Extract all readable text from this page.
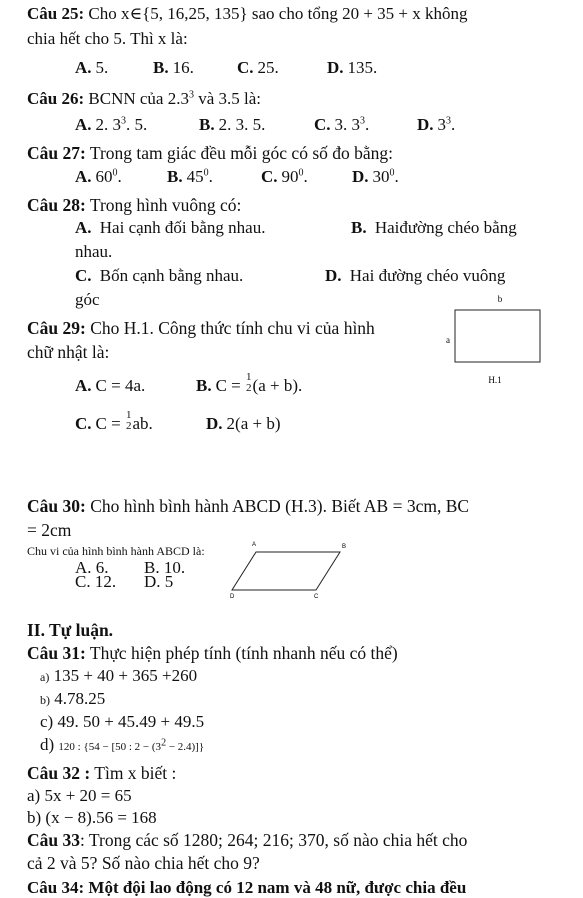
Câu 25: Cho x∈{5, 16,25, 135} sao cho tổng 20 + 35 + x không
chia hết cho 5. Thì x là:
A. 5.	B. 16.	C. 25.	D. 135.
Câu 26: BCNN của $2.3^3$ và 3.5 là:
A. 2. $3^3$. 5.	B. 2. 3. 5.	C. 3. $3^3$.	D. $3^3$.
Câu 27: Trong tam giác đều mỗi góc có số đo bằng:
A. $60^0$.	B. $45^0$.	C. $90^0$.	D. $30^0$.
Câu 28: Trong hình vuông có:
A. Hai cạnh đối bằng nhau.	B. Haiđường chéo bằng
nhau.
C. Bốn cạnh bằng nhau.	D. Hai đường chéo vuông
góc
Câu 29: Cho H.1. Công thức tính chu vi của hình
chữ nhật là:
A. C = 4a.	B. C = 1
2 (a + b).
C. C = 1
2 ab.	D. 2(a + b)
b
a
H.1
Câu 30: Cho hình bình hành ABCD (H.3). Biết AB = 3cm, BC
= 2cm
Chu vi của hình bình hành ABCD là:
A. 6. B. 10.
C. 12. D. 5
A	B
C
D
II. Tự luận.
Câu 31: Thực hiện phép tính (tính nhanh nếu có thể)
a) 135 + 40 + 365 +260
b) 4.78.25
c) 49. 50 + 45.49 + 49.5
d) 120 : {54 − [50 : $2 - (3^2 - 2.4)$]}
Câu 32 : Tìm x biết :
a) 5x + 20 = 65
b) (x − 8).56 = 168
Câu 33: Trong các số 1280; 264; 216; 370, số nào chia hết cho
cả 2 và 5? Số nào chia hết cho 9?
Câu 34: Một đội lao động có 12 nam và 48 nữ, được chia đều
